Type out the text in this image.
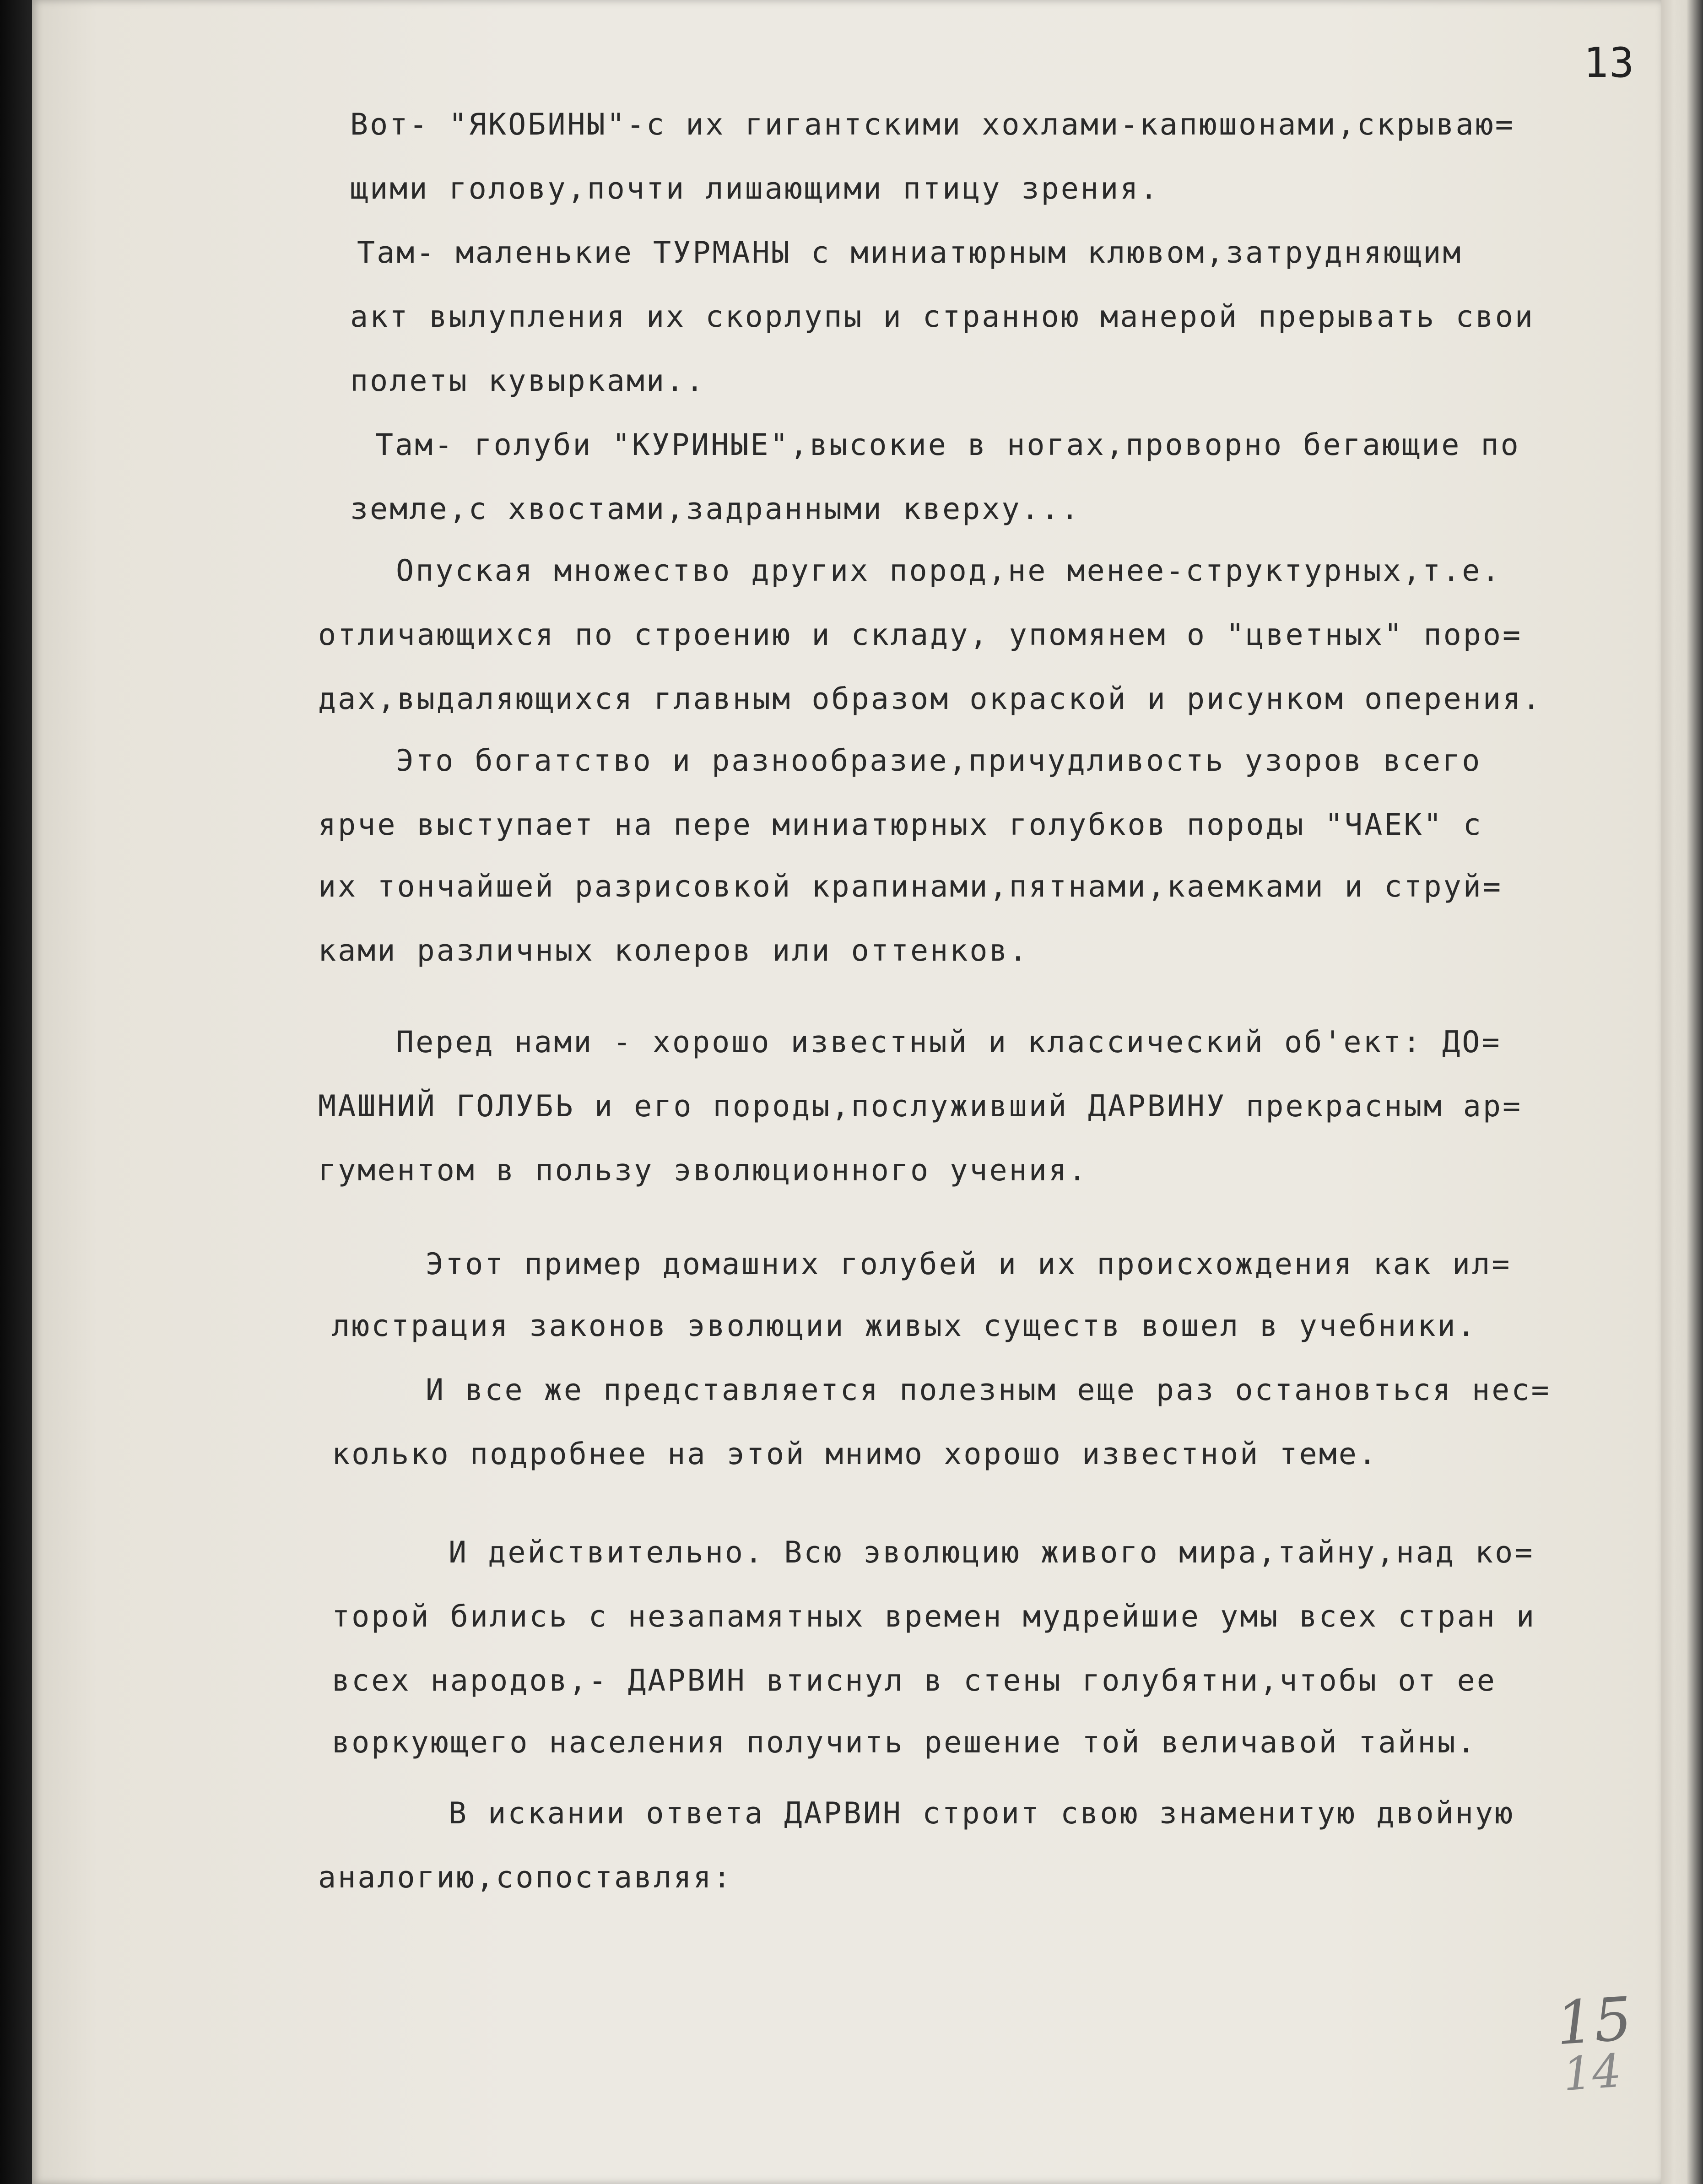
13
Вот- "ЯКОБИНЫ"-с их гигантскими хохлами-капюшонами,скрываю=
щими голову,почти лишающими птицу зрения.
Там- маленькие ТУРМАНЫ с миниатюрным клювом,затрудняющим
акт вылупления их скорлупы и странною манерой прерывать свои
полеты кувырками..
Там- голуби "КУРИНЫЕ",высокие в ногах,проворно бегающие по
земле,с хвостами,задранными кверху...
Опуская множество других пород,не менее-структурных,т.е.
отличающихся по строению и складу, упомянем о "цветных" поро=
дах,выдаляющихся главным образом окраской и рисунком оперения.
Это богатство и разнообразие,причудливость узоров всего
ярче выступает на пере миниатюрных голубков породы "ЧАЕК" с
их тончайшей разрисовкой крапинами,пятнами,каемками и струй=
ками различных колеров или оттенков.
Перед нами - хорошо известный и классический об'ект: ДО=
МАШНИЙ ГОЛУБЬ и его породы,послуживший ДАРВИНУ прекрасным ар=
гументом в пользу эволюционного учения.
Этот пример домашних голубей и их происхождения как ил=
люстрация законов эволюции живых существ вошел в учебники.
И все же представляется полезным еще раз остановться нес=
колько подробнее на этой мнимо хорошо известной теме.
И действительно. Всю эволюцию живого мира,тайну,над ко=
торой бились с незапамятных времен мудрейшие умы всех стран и
всех народов,- ДАРВИН втиснул в стены голубятни,чтобы от ее
воркующего населения получить решение той величавой тайны.
В искании ответа ДАРВИН строит свою знаменитую двойную
аналогию,сопоставляя:
15
14
